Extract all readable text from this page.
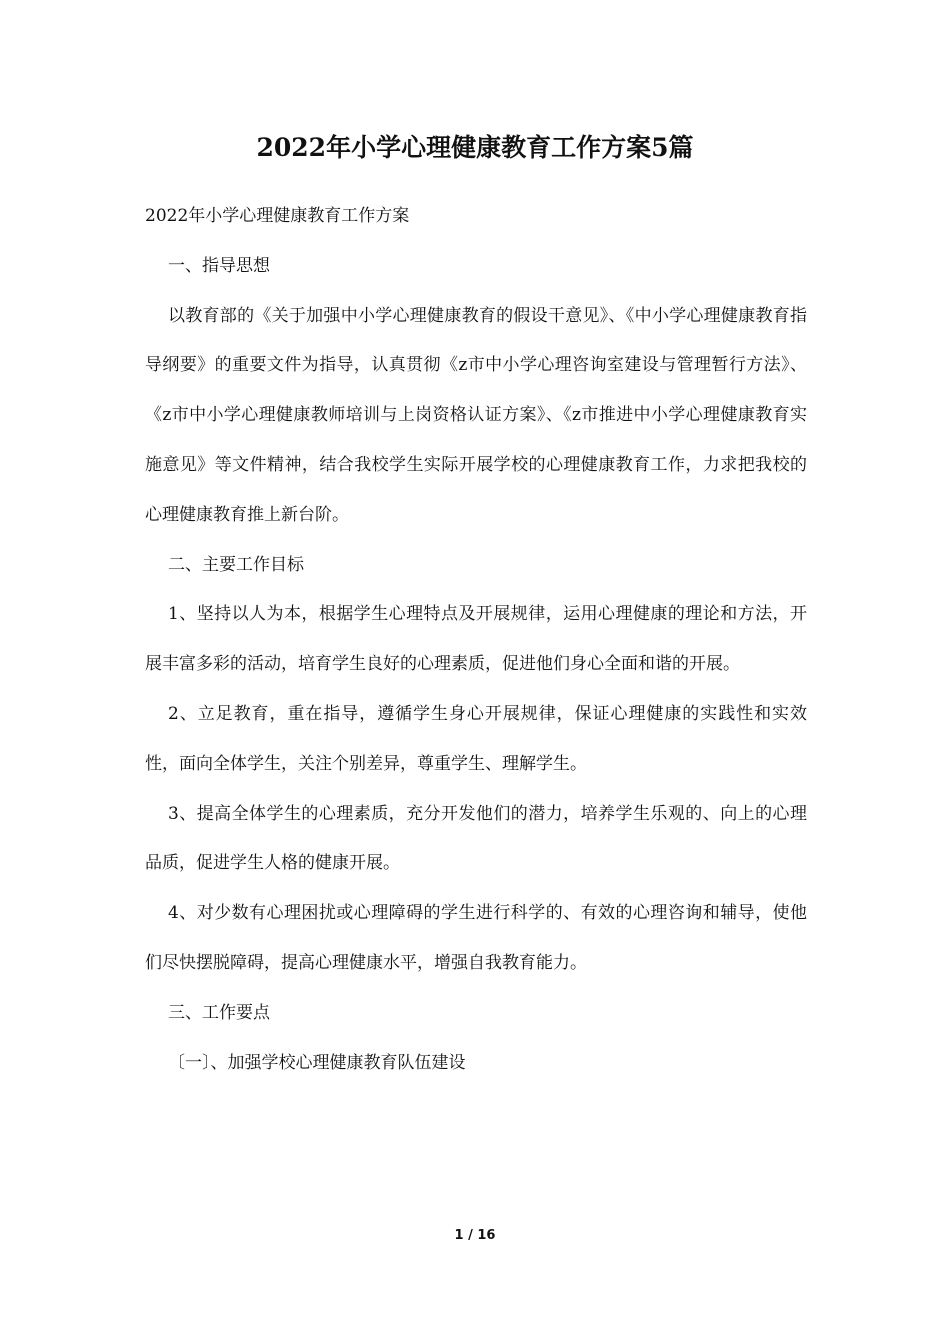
2022年小学心理健康教育工作方案5篇

2022年小学心理健康教育工作方案

一、指导思想

以教育部的《关于加强中小学心理健康教育的假设干意见》、《中小学心理健康教育指导纲要》的重要文件为指导，认真贯彻《z市中小学心理咨询室建设与管理暂行方法》、《z市中小学心理健康教师培训与上岗资格认证方案》、《z市推进中小学心理健康教育实施意见》等文件精神，结合我校学生实际开展学校的心理健康教育工作，力求把我校的心理健康教育推上新台阶。

二、主要工作目标

1、坚持以人为本，根据学生心理特点及开展规律，运用心理健康的理论和方法，开展丰富多彩的活动，培育学生良好的心理素质，促进他们身心全面和谐的开展。

2、立足教育，重在指导，遵循学生身心开展规律，保证心理健康的实践性和实效性，面向全体学生，关注个别差异，尊重学生、理解学生。

3、提高全体学生的心理素质，充分开发他们的潜力，培养学生乐观的、向上的心理品质，促进学生人格的健康开展。

4、对少数有心理困扰或心理障碍的学生进行科学的、有效的心理咨询和辅导，使他们尽快摆脱障碍，提高心理健康水平，增强自我教育能力。

三、工作要点

〔一〕、加强学校心理健康教育队伍建设

1 / 16
